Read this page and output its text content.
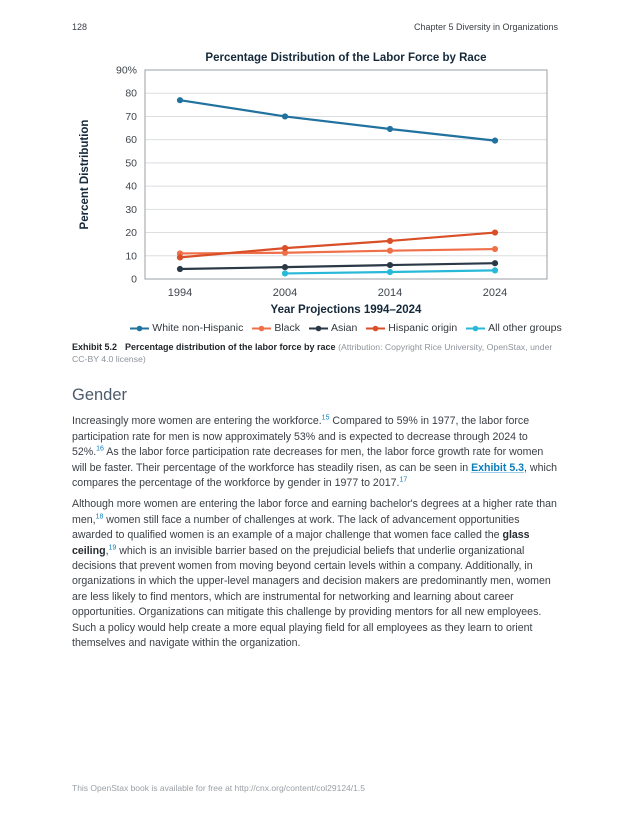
128	Chapter 5 Diversity in Organizations
Percentage Distribution of the Labor Force by Race
0
10
20
30
40
50
60
70
80
90%
1994	2004	2014	2024
Year Projections 1994–2024
Percent Distribution
White non-Hispanic	Black	Asian	Hispanic origin	All other groups
Exhibit 5.2 Percentage distribution of the labor force by race (Attribution: Copyright Rice University, OpenStax, under CC-BY 4.0 license)
Gender

Increasingly more women are entering the workforce.$^{15}$ Compared to 59% in 1977, the labor force participation rate for men is now approximately 53% and is expected to decrease through 2024 to 52%.$^{16}$ As the labor force participation rate decreases for men, the labor force growth rate for women will be faster. Their percentage of the workforce has steadily risen, as can be seen in Exhibit 5.3, which compares the percentage of the workforce by gender in 1977 to 2017.17

Although more women are entering the labor force and earning bachelor's degrees at a higher rate than men,$^{18}$ women still face a number of challenges at work. The lack of advancement opportunities awarded to qualified women is an example of a major challenge that women face called the glass ceiling,$^{19}$ which is an invisible barrier based on the prejudicial beliefs that underlie organizational decisions that prevent women from moving beyond certain levels within a company. Additionally, in organizations in which the upper-level managers and decision makers are predominantly men, women are less likely to find mentors, which are instrumental for networking and learning about career opportunities. Organizations can mitigate this challenge by providing mentors for all new employees. Such a policy would help create a more equal playing field for all employees as they learn to orient themselves and navigate within the organization.

This OpenStax book is available for free at http://cnx.org/content/col29124/1.5
